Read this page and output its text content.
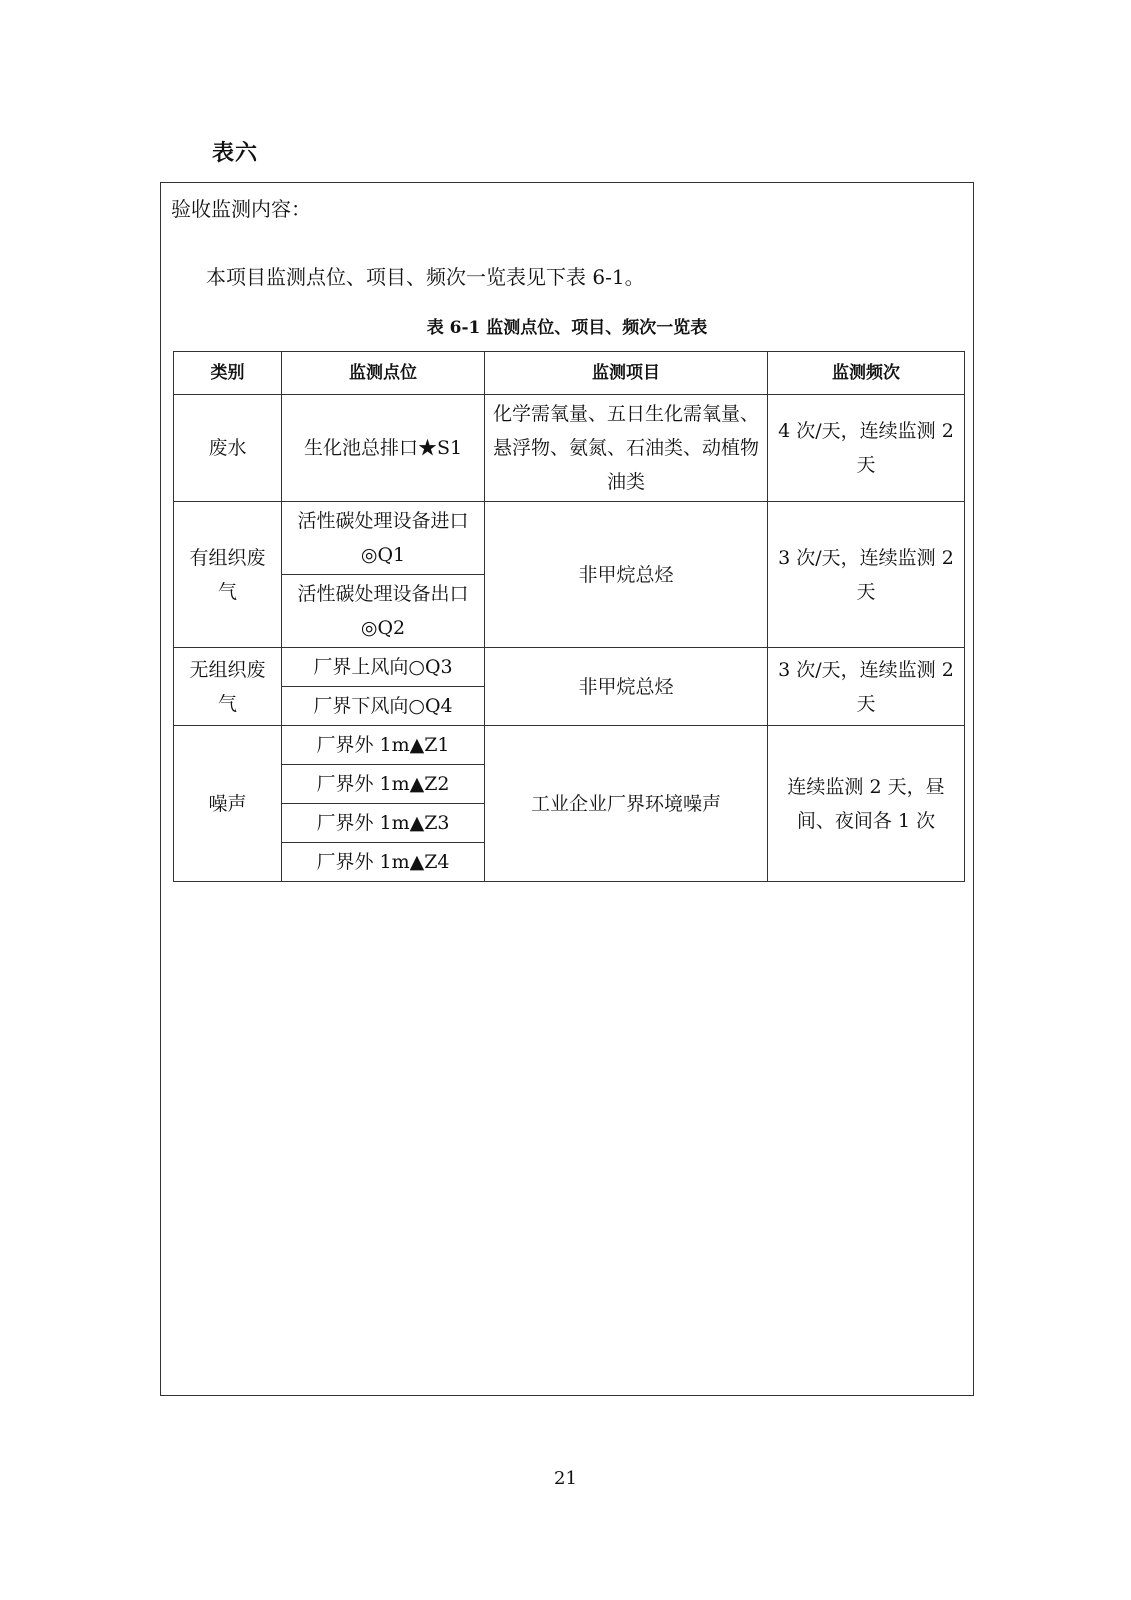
表六
验收监测内容：
本项目监测点位、项目、频次一览表见下表 6-1。
表 6-1 监测点位、项目、频次一览表
类别	监测点位	监测项目	监测频次
废水	生化池总排口★S1	化学需氧量、五日生化需氧量、悬浮物、氨氮、石油类、动植物油类	4 次/天，连续监测 2 天
有组织废气	活性碳处理设备进口◎Q1	非甲烷总烃	3 次/天，连续监测 2 天
	活性碳处理设备出口◎Q2		
无组织废气	厂界上风向○Q3	非甲烷总烃	3 次/天，连续监测 2 天
	厂界下风向○Q4		
噪声	厂界外 1m▲Z1	工业企业厂界环境噪声	连续监测 2 天，昼间、夜间各 1 次
	厂界外 1m▲Z2		
	厂界外 1m▲Z3		
	厂界外 1m▲Z4		
21
